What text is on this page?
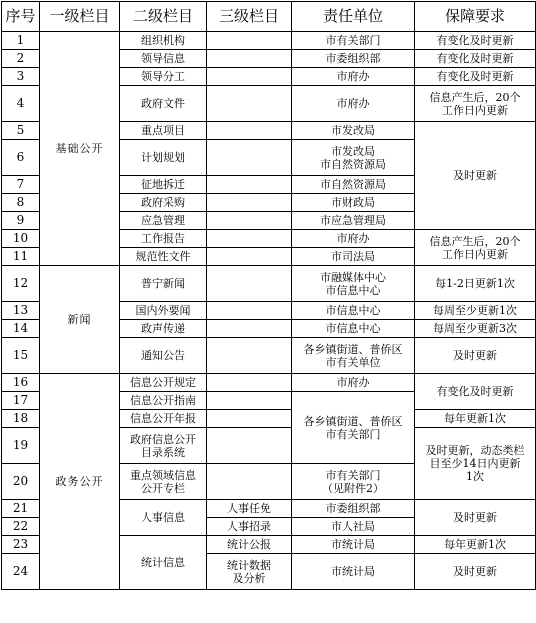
序号	一级栏目	二级栏目	三级栏目	责任单位	保障要求
1	基础公开	组织机构		市有关部门	有变化及时更新
2		领导信息		市委组织部	有变化及时更新
3		领导分工		市府办	有变化及时更新
4		政府文件		市府办	信息产生后，20个
工作日内更新
5		重点项目		市发改局	及时更新
6		计划规划		市发改局
市自然资源局	
7		征地拆迁		市自然资源局	
8		政府采购		市财政局	
9		应急管理		市应急管理局	
10		工作报告		市府办	信息产生后，20个
工作日内更新
11		规范性文件		市司法局	
12	新闻	普宁新闻		市融媒体中心
市信息中心	每1-2日更新1次
13		国内外要闻		市信息中心	每周至少更新1次
14		政声传递		市信息中心	每周至少更新3次
15		通知公告		各乡镇街道、普侨区
市有关单位	及时更新
16	政务公开	信息公开规定		市府办	有变化及时更新
17		信息公开指南		各乡镇街道、普侨区
市有关部门	
18		信息公开年报			每年更新1次
19		政府信息公开
目录系统			及时更新，动态类栏
目至少14日内更新
1次
20		重点领域信息
公开专栏		市有关部门
（见附件2）	
21		人事信息	人事任免	市委组织部	及时更新
22			人事招录	市人社局	
23		统计信息	统计公报	市统计局	每年更新1次
24			统计数据
及分析	市统计局	及时更新
